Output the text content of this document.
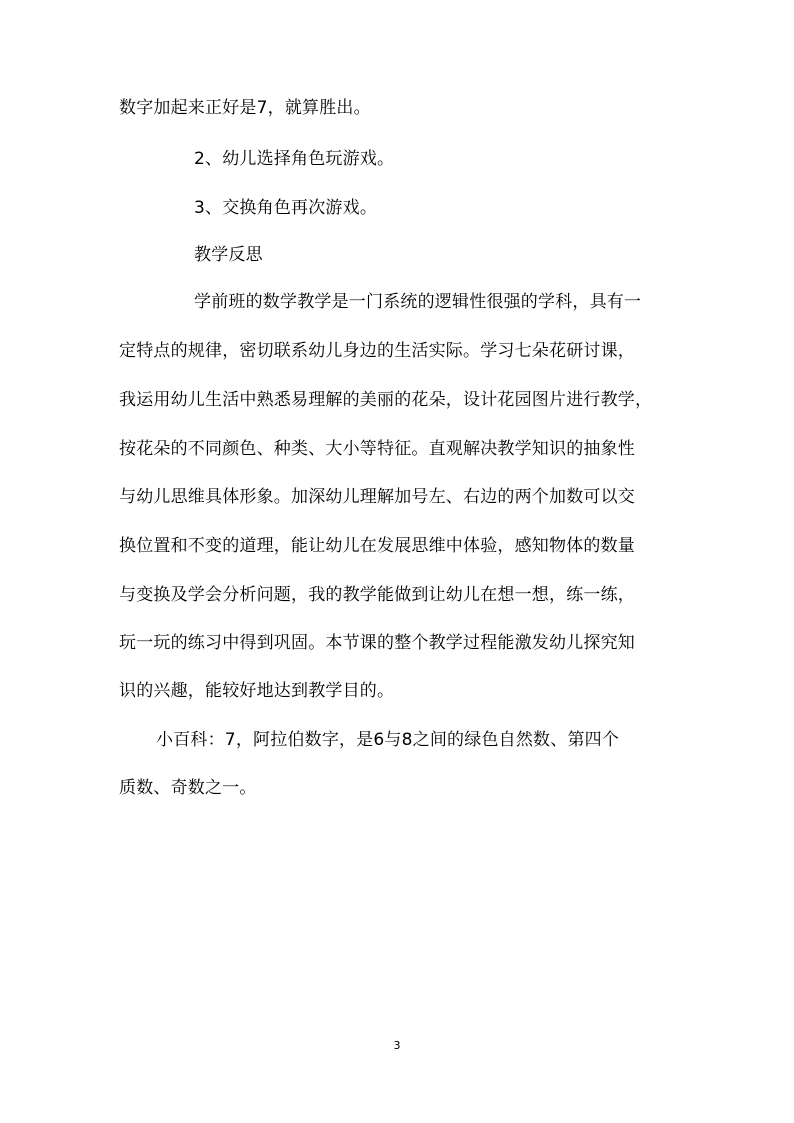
数字加起来正好是7，就算胜出。
2、幼儿选择角色玩游戏。
3、交换角色再次游戏。
教学反思
学前班的数学教学是一门系统的逻辑性很强的学科，具有一
定特点的规律，密切联系幼儿身边的生活实际。学习七朵花研讨课，
我运用幼儿生活中熟悉易理解的美丽的花朵，设计花园图片进行教学，
按花朵的不同颜色、种类、大小等特征。直观解决教学知识的抽象性
与幼儿思维具体形象。加深幼儿理解加号左、右边的两个加数可以交
换位置和不变的道理，能让幼儿在发展思维中体验，感知物体的数量
与变换及学会分析问题，我的教学能做到让幼儿在想一想，练一练，
玩一玩的练习中得到巩固。本节课的整个教学过程能激发幼儿探究知
识的兴趣，能较好地达到教学目的。
小百科：7，阿拉伯数字，是6与8之间的绿色自然数、第四个
质数、奇数之一。
3
